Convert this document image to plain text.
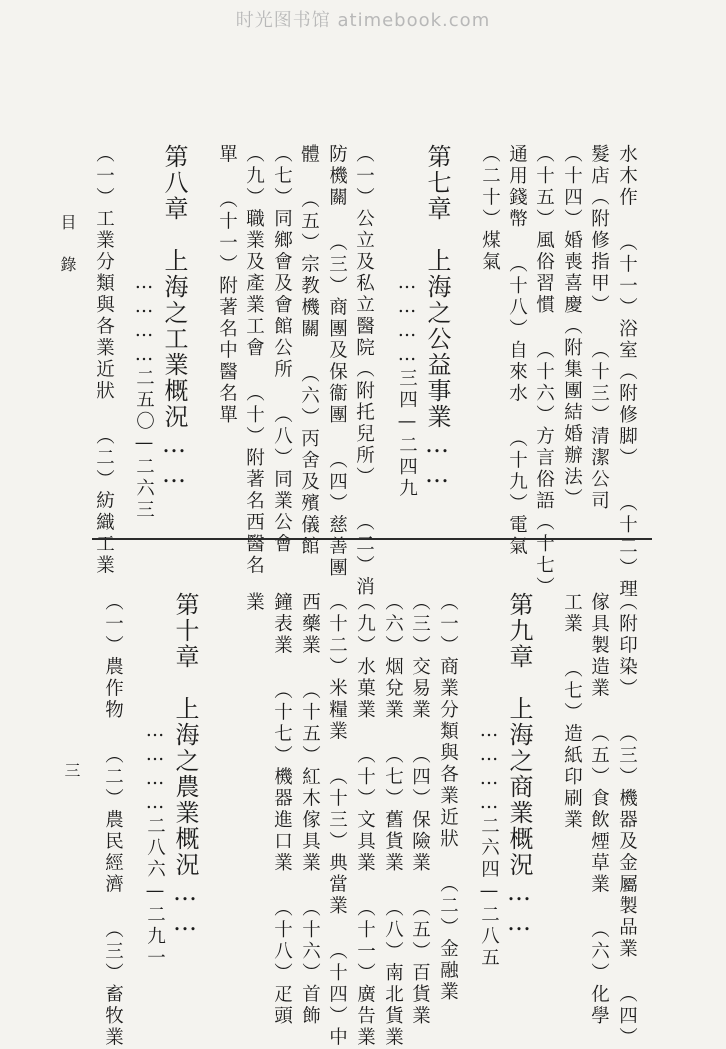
时光图书馆 atimebook.com
目錄
三
水木作 （十一）浴室（附修脚） （十二）理
髮店（附修指甲） （十三）清潔公司
（十四）婚喪喜慶（附集團結婚辦法）
（十五）風俗習慣 （十六）方言俗語（十七）
通用錢幣 （十八）自來水 （十九）電氣
（二十）煤氣
第七章　上海之公益事業……
…………三四—二四九
（一）公立及私立醫院（附托兒所） （二）消
防機關 （三）商團及保衞團 （四）慈善團
體 （五）宗教機關 （六）丙舍及殯儀館
（七）同鄉會及會館公所 （八）同業公會
（九）職業及產業工會 （十）附著名西醫名
單 （十一）附著名中醫名單
第八章　上海之工業概況……
…………二五〇—二六三
（一）工業分類與各業近狀 （二）紡織工業
（附印染） （三）機器及金屬製品業 （四）
傢具製造業 （五）食飲煙草業 （六）化學
工業 （七）造紙印刷業
第九章　上海之商業概況……
…………二六四—二八五
（一）商業分類與各業近狀 （二）金融業
（三）交易業 （四）保險業 （五）百貨業
（六）烟兌業 （七）舊貨業 （八）南北貨業
（九）水菓業 （十）文具業 （十一）廣告業
（十二）米糧業 （十三）典當業 （十四）中
西藥業 （十五）紅木傢具業 （十六）首飾
鐘表業 （十七）機器進口業 （十八）疋頭
業
第十章　上海之農業概況……
…………二八六—二九一
（一）農作物 （二）農民經濟 （三）畜牧業
